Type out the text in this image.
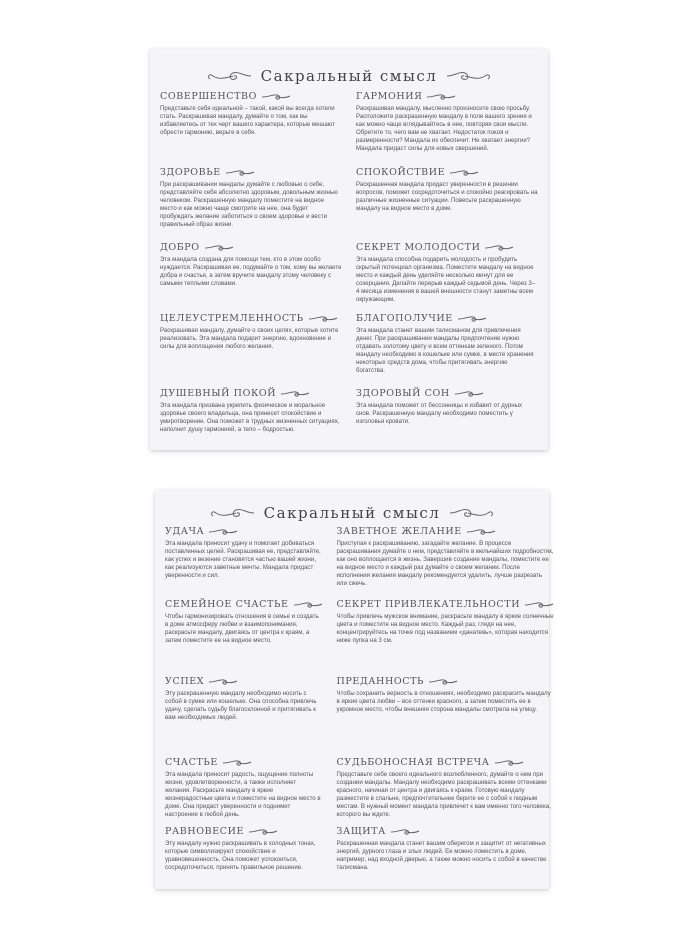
Сакральный смысл
СОВЕРШЕНСТВО

Представьте себя идеальной – такой, какой вы всегда хотели стать. Раскрашивая мандалу, думайте о том, как вы избавляетесь от тех черт вашего характера, которые мешают обрести гармонию, верьте в себя.

ГАРМОНИЯ

Раскрашивая мандалу, мысленно произносите свою просьбу. Расположите раскрашенную мандалу в поле вашего зрения и как можно чаще вглядывайтесь в нее, повторяя свои мысли. Обретите то, чего вам не хватает. Недостаток покоя и размеренности? Мандала их обеспечит. Не хватает энергии? Мандала придаст силы для новых свершений.

ЗДОРОВЬЕ

При раскрашивании мандалы думайте с любовью о себе, представляйте себя абсолютно здоровым, довольным жизнью человеком. Раскрашенную мандалу поместите на видное место и как можно чаще смотрите на нее, она будет пробуждать желание заботиться о своем здоровье и вести правильный образ жизни.

СПОКОЙСТВИЕ

Раскрашенная мандала придаст уверенности в решении вопросов, поможет сосредоточиться и спокойно реагировать на различные жизненные ситуации. Повесьте раскрашенную мандалу на видное место в доме.

ДОБРО

Эта мандала создана для помощи тем, кто в этом особо нуждается. Раскрашивая ее, подумайте о том, кому вы желаете добра и счастья, а затем вручите мандалу этому человеку с самыми теплыми словами.

СЕКРЕТ МОЛОДОСТИ

Эта мандала способна подарить молодость и пробудить скрытый потенциал организма. Поместите мандалу на видное место и каждый день уделяйте несколько минут для ее созерцания. Делайте перерыв каждый седьмой день. Через 3–4 месяца изменения в вашей внешности станут заметны всем окружающим.

ЦЕЛЕУСТРЕМЛЕННОСТЬ

Раскрашивая мандалу, думайте о своих целях, которые хотите реализовать. Эта мандала подарит энергию, вдохновение и силы для воплощения любого желания.

БЛАГОПОЛУЧИЕ

Эта мандала станет вашим талисманом для привлечения денег. При раскрашивании мандалы предпочтение нужно отдавать золотому цвету и всем оттенкам зеленого. Потом мандалу необходимо в кошельке или сумке, в месте хранения некоторых средств дома, чтобы притягивать энергию богатства.

ДУШЕВНЫЙ ПОКОЙ

Эта мандала призвана укрепить физическое и моральное здоровье своего владельца, она принесет спокойствие и умиротворение. Она поможет в трудных жизненных ситуациях, наполнит душу гармонией, а тело – бодростью.

ЗДОРОВЫЙ СОН

Эта мандала поможет от бессонницы и избавит от дурных снов. Раскрашенную мандалу необходимо поместить у изголовья кровати.

Сакральный смысл
УДАЧА

Эта мандала приносит удачу и помогает добиваться поставленных целей. Раскрашивая ее, представляйте, как успех и везение становятся частью вашей жизни, как реализуются заветные мечты. Мандала придаст уверенности и сил.

ЗАВЕТНОЕ ЖЕЛАНИЕ

Приступая к раскрашиванию, загадайте желание. В процессе раскрашивания думайте о нем, представляйте в мельчайших подробностях, как оно воплощается в жизнь. Завершив создание мандалы, поместите ее на видное место и каждый раз думайте о своем желании. После исполнения желания мандалу рекомендуется удалить, лучше разрезать или сжечь.

СЕМЕЙНОЕ СЧАСТЬЕ

Чтобы гармонизировать отношения в семье и создать в доме атмосферу любви и взаимопонимания, раскрасьте мандалу, двигаясь от центра к краям, а затем поместите ее на видное место.

СЕКРЕТ ПРИВЛЕКАТЕЛЬНОСТИ

Чтобы привлечь мужское внимание, раскрасьте мандалу в яркие солнечные цвета и поместите на видное место. Каждый раз, глядя на нее, концентрируйтесь на точке под названием «данатевь», которая находится ниже пупка на 3 см.

УСПЕХ

Эту раскрашенную мандалу необходимо носить с собой в сумке или кошельке. Она способна привлечь удачу, сделать судьбу благосклонной и притягивать к вам необходимых людей.

ПРЕДАННОСТЬ

Чтобы сохранить верность в отношениях, необходимо раскрасить мандалу в яркие цвета любви – все оттенки красного, а затем поместить ее в укромное место, чтобы внешняя сторона мандалы смотрела на улицу.

СЧАСТЬЕ

Эта мандала приносит радость, ощущение полноты жизни, удовлетворенности, а также исполняет желания. Раскрасьте мандалу в яркие жизнерадостные цвета и поместите на видное место в доме. Она придаст уверенности и поднимет настроение в любой день.

СУДЬБОНОСНАЯ ВСТРЕЧА

Представьте себе своего идеального возлюбленного, думайте о нем при создании мандалы. Мандалу необходимо раскрашивать всеми оттенками красного, начиная от центра и двигаясь к краям. Готовую мандалу разместите в спальне, предпочтительнее берите ее с собой к людным местам. В нужный момент мандала привлечет к вам именно того человека, которого вы ждете.

РАВНОВЕСИЕ

Эту мандалу нужно раскрашивать в холодных тонах, которые символизируют спокойствие и уравновешенность. Она поможет успокоиться, сосредоточиться, принять правильное решение.

ЗАЩИТА

Раскрашенная мандала станет вашим оберегом и защитит от негативных энергий, дурного глаза и злых людей. Ее можно поместить в доме, например, над входной дверью, а также можно носить с собой в качестве талисмана.
